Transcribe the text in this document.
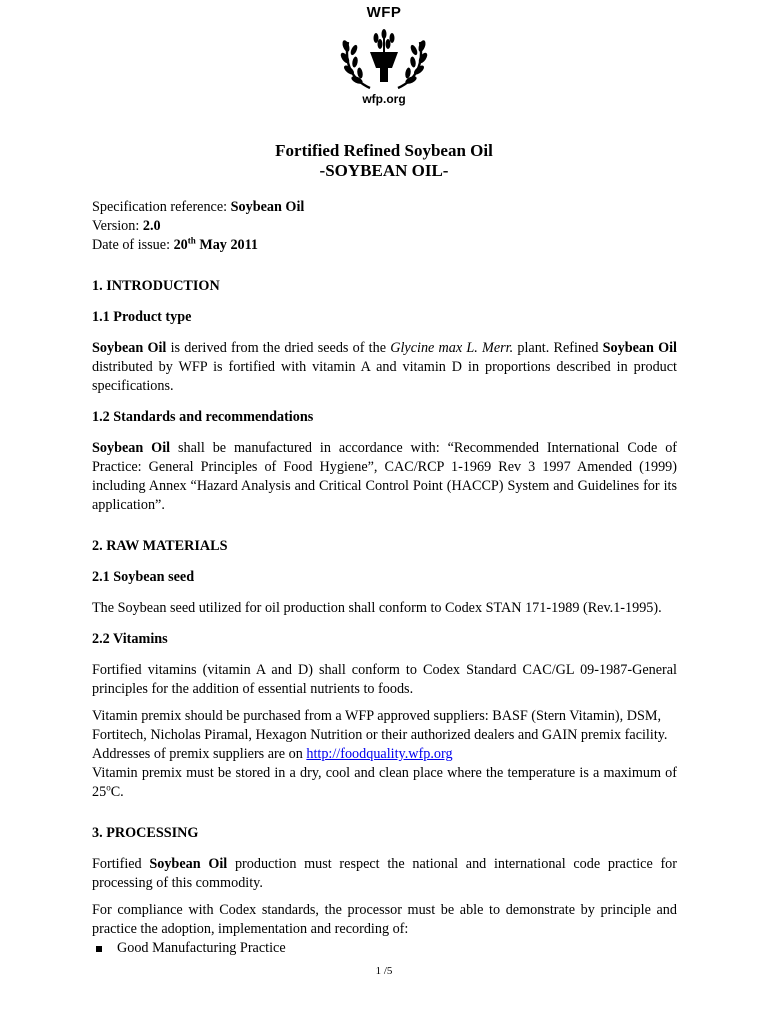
WFP
wfp.org
Fortified Refined Soybean Oil
-SOYBEAN OIL-

Specification reference: Soybean Oil

Version: 2.0

Date of issue: 20th May 2011

1. INTRODUCTION

1.1 Product type

Soybean Oil is derived from the dried seeds of the Glycine max L. Merr. plant. Refined Soybean Oil distributed by WFP is fortified with vitamin A and vitamin D in proportions described in product specifications.

1.2 Standards and recommendations

Soybean Oil shall be manufactured in accordance with: “Recommended International Code of Practice: General Principles of Food Hygiene”, CAC/RCP 1-1969 Rev 3 1997 Amended (1999) including Annex “Hazard Analysis and Critical Control Point (HACCP) System and Guidelines for its application”.

2. RAW MATERIALS

2.1 Soybean seed

The Soybean seed utilized for oil production shall conform to Codex STAN 171-1989 (Rev.1-1995).

2.2 Vitamins

Fortified vitamins (vitamin A and D) shall conform to Codex Standard CAC/GL 09-1987-General principles for the addition of essential nutrients to foods.

Vitamin premix should be purchased from a WFP approved suppliers: BASF (Stern Vitamin), DSM, Fortitech, Nicholas Piramal, Hexagon Nutrition or their authorized dealers and GAIN premix facility. Addresses of premix suppliers are on http://foodquality.wfp.org

Vitamin premix must be stored in a dry, cool and clean place where the temperature is a maximum of 25$^o$C.

3. PROCESSING

Fortified Soybean Oil production must respect the national and international code practice for processing of this commodity.

For compliance with Codex standards, the processor must be able to demonstrate by principle and practice the adoption, implementation and recording of:

Good Manufacturing Practice
1 /5
